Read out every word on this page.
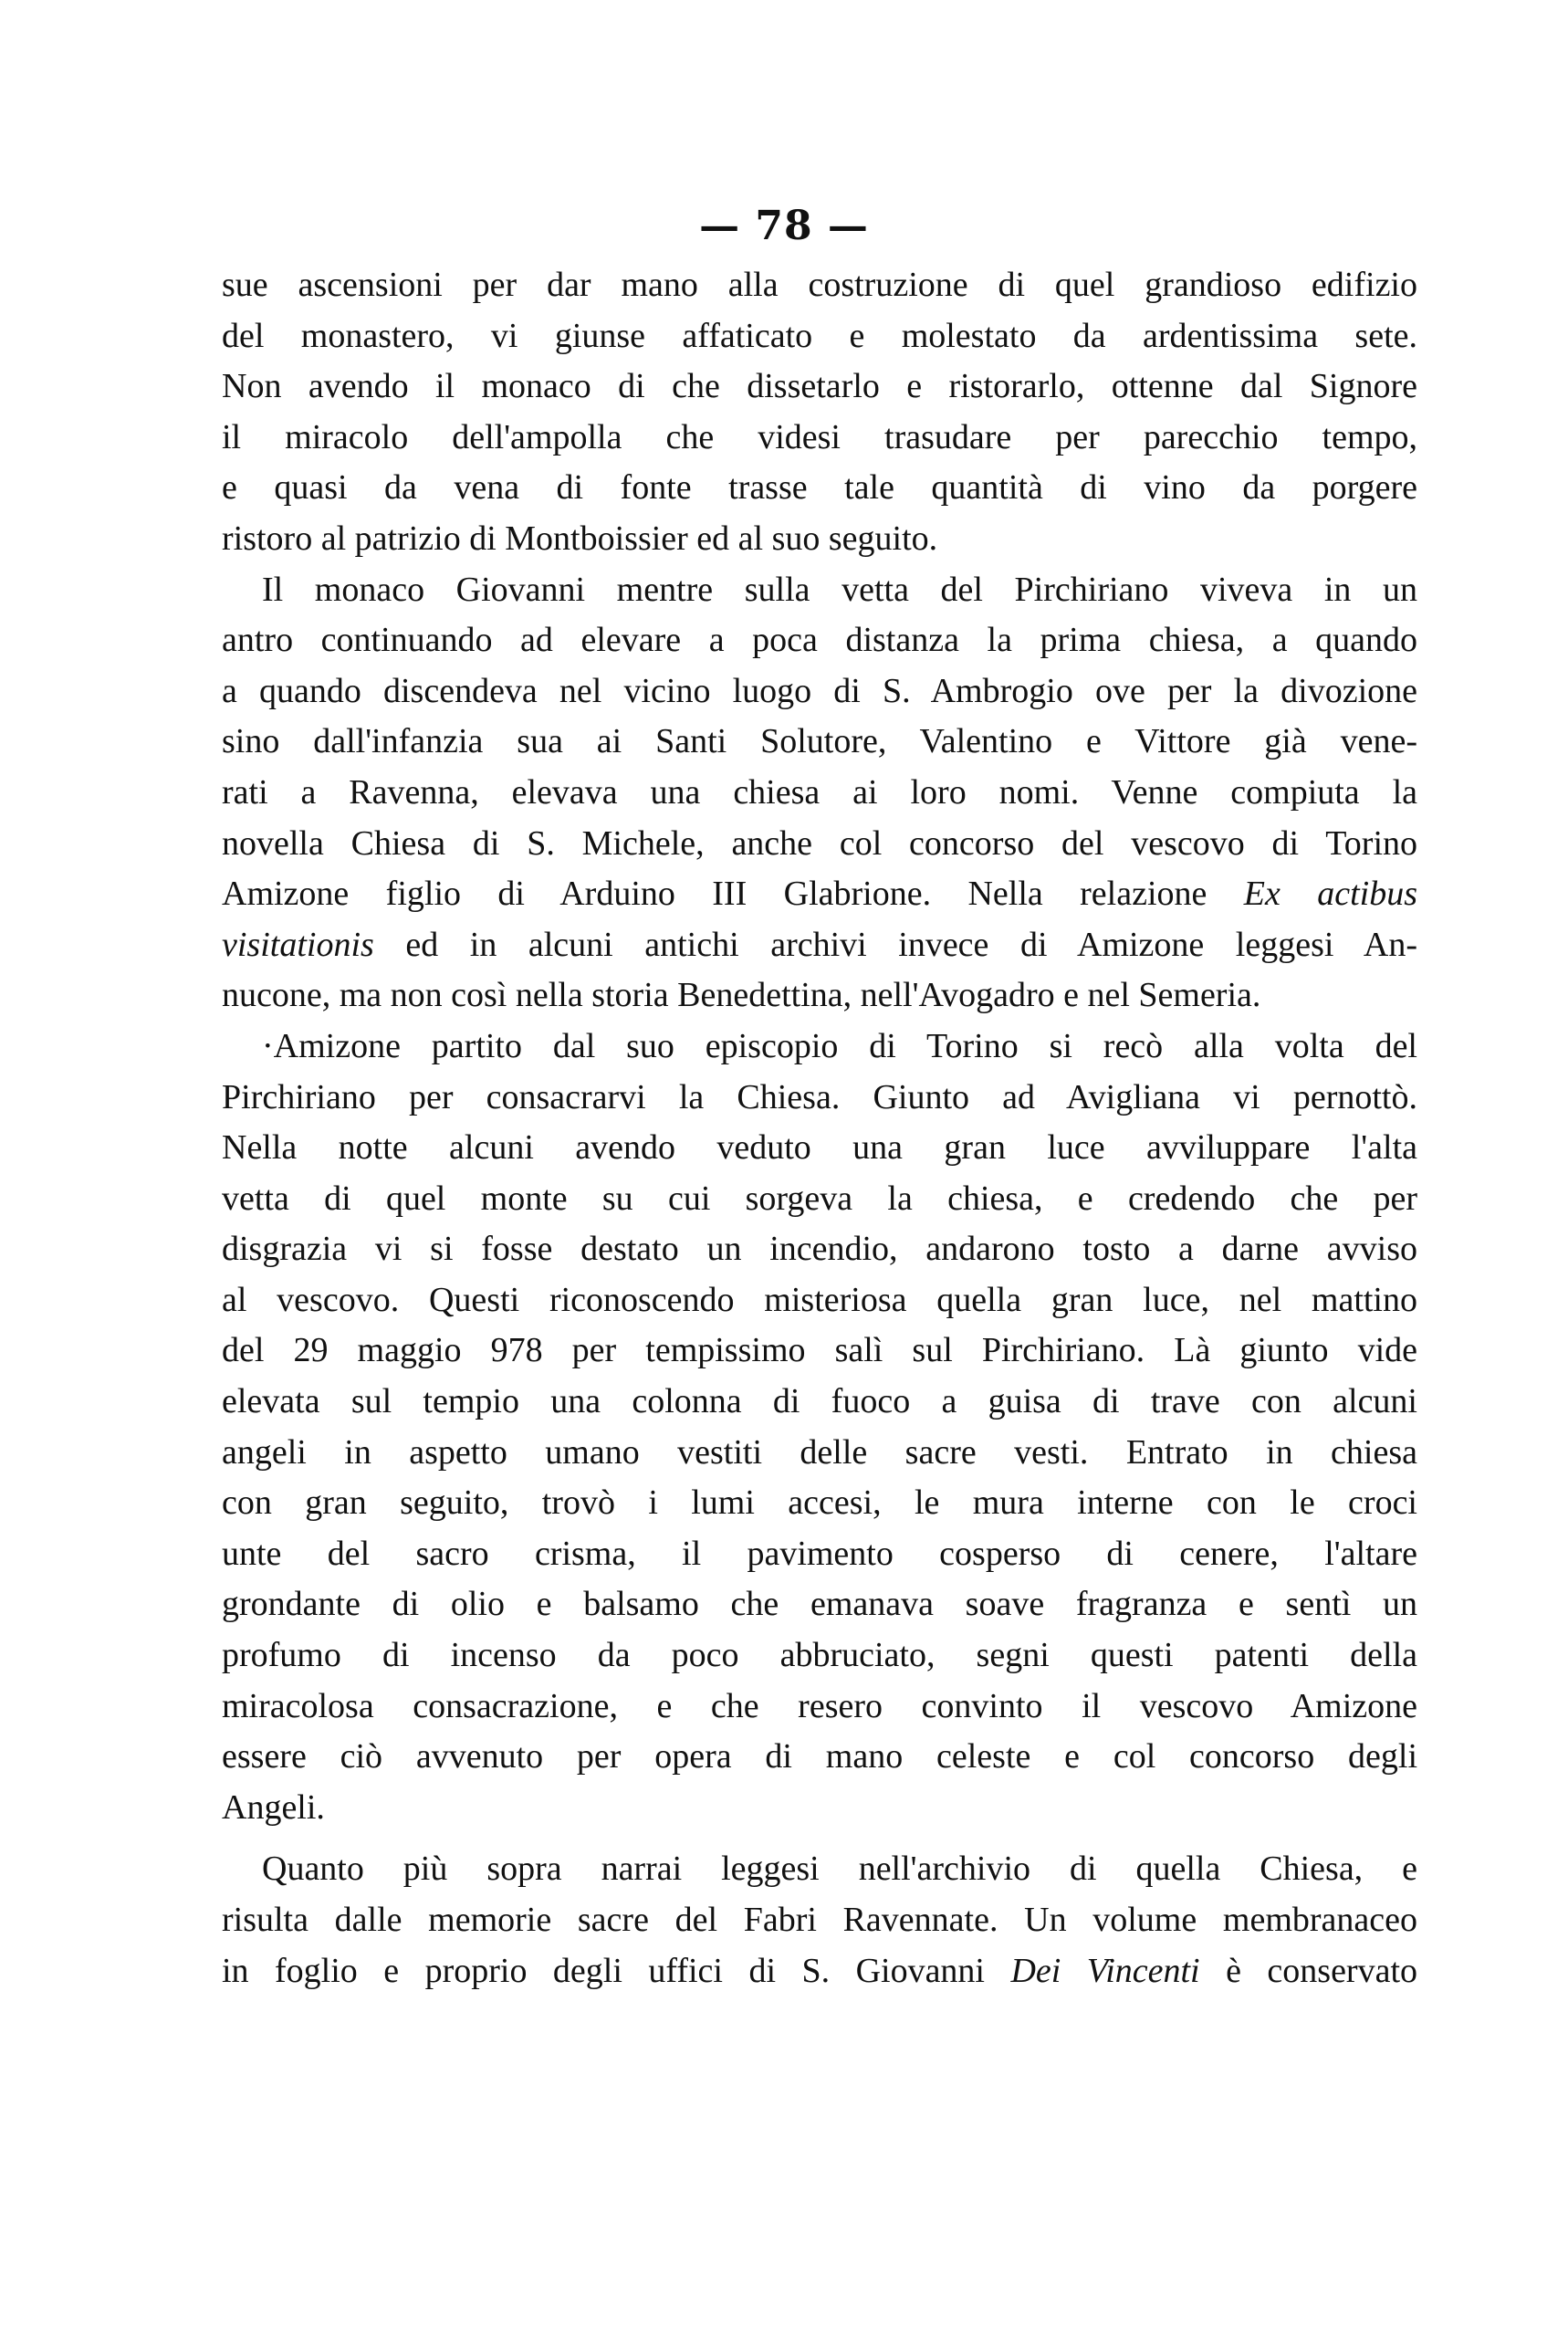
— 78 —
sue ascensioni per dar mano alla costruzione di quel grandioso edifizio
del monastero, vi giunse affaticato e molestato da ardentissima sete.
Non avendo il monaco di che dissetarlo e ristorarlo, ottenne dal Signore
il miracolo dell'ampolla che videsi trasudare per parecchio tempo,
e quasi da vena di fonte trasse tale quantità di vino da porgere
ristoro al patrizio di Montboissier ed al suo seguito.
Il monaco Giovanni mentre sulla vetta del Pirchiriano viveva in un
antro continuando ad elevare a poca distanza la prima chiesa, a quando
a quando discendeva nel vicino luogo di S. Ambrogio ove per la divozione
sino dall'infanzia sua ai Santi Solutore, Valentino e Vittore già vene-
rati a Ravenna, elevava una chiesa ai loro nomi. Venne compiuta la
novella Chiesa di S. Michele, anche col concorso del vescovo di Torino
Amizone figlio di Arduino III Glabrione. Nella relazione Ex actibus
visitationis ed in alcuni antichi archivi invece di Amizone leggesi An-
nucone, ma non così nella storia Benedettina, nell'Avogadro e nel Semeria.
·Amizone partito dal suo episcopio di Torino si recò alla volta del
Pirchiriano per consacrarvi la Chiesa. Giunto ad Avigliana vi pernottò.
Nella notte alcuni avendo veduto una gran luce avviluppare l'alta
vetta di quel monte su cui sorgeva la chiesa, e credendo che per
disgrazia vi si fosse destato un incendio, andarono tosto a darne avviso
al vescovo. Questi riconoscendo misteriosa quella gran luce, nel mattino
del 29 maggio 978 per tempissimo salì sul Pirchiriano. Là giunto vide
elevata sul tempio una colonna di fuoco a guisa di trave con alcuni
angeli in aspetto umano vestiti delle sacre vesti. Entrato in chiesa
con gran seguito, trovò i lumi accesi, le mura interne con le croci
unte del sacro crisma, il pavimento cosperso di cenere, l'altare
grondante di olio e balsamo che emanava soave fragranza e sentì un
profumo di incenso da poco abbruciato, segni questi patenti della
miracolosa consacrazione, e che resero convinto il vescovo Amizone
essere ciò avvenuto per opera di mano celeste e col concorso degli
Angeli.
Quanto più sopra narrai leggesi nell'archivio di quella Chiesa, e
risulta dalle memorie sacre del Fabri Ravennate. Un volume membranaceo
in foglio e proprio degli uffici di S. Giovanni Dei Vincenti è conservato
